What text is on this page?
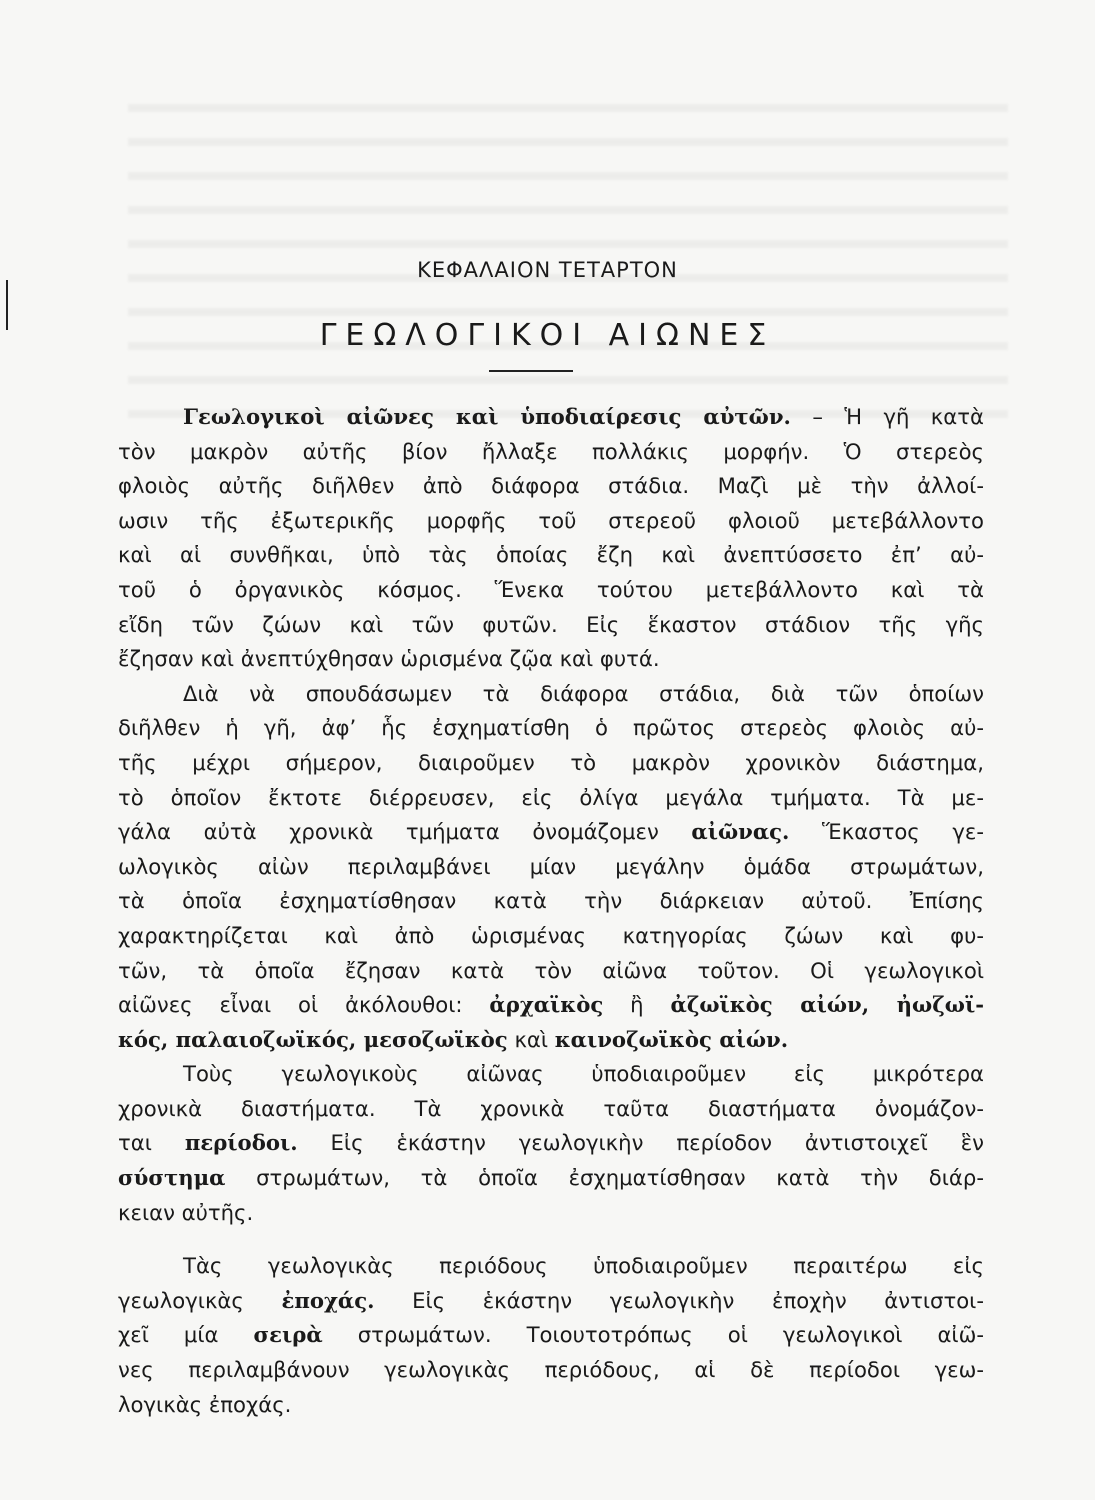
ΚΕΦΑΛΑΙΟΝ ΤΕΤΑΡΤΟΝ
ΓΕΩΛΟΓΙΚΟΙ ΑΙΩΝΕΣ
Γεωλογικοὶ αἰῶνες καὶ ὑποδιαίρεσις αὐτῶν. – Ἡ γῆ κατὰ
τὸν μακρὸν αὐτῆς βίον ἤλλαξε πολλάκις μορφήν. Ὁ στερεὸς
φλοιὸς αὐτῆς διῆλθεν ἀπὸ διάφορα στάδια. Μαζὶ μὲ τὴν ἀλλοί-
ωσιν τῆς ἐξωτερικῆς μορφῆς τοῦ στερεοῦ φλοιοῦ μετεβάλλοντο
καὶ αἱ συνθῆκαι, ὑπὸ τὰς ὁποίας ἔζη καὶ ἀνεπτύσσετο ἐπ’ αὐ-
τοῦ ὁ ὀργανικὸς κόσμος. Ἕνεκα τούτου μετεβάλλοντο καὶ τὰ
εἴδη τῶν ζώων καὶ τῶν φυτῶν. Εἰς ἕκαστον στάδιον τῆς γῆς
ἔζησαν καὶ ἀνεπτύχθησαν ὡρισμένα ζῷα καὶ φυτά.
Διὰ νὰ σπουδάσωμεν τὰ διάφορα στάδια, διὰ τῶν ὁποίων
διῆλθεν ἡ γῆ, ἀφ’ ἧς ἐσχηματίσθη ὁ πρῶτος στερεὸς φλοιὸς αὐ-
τῆς μέχρι σήμερον, διαιροῦμεν τὸ μακρὸν χρονικὸν διάστημα,
τὸ ὁποῖον ἔκτοτε διέρρευσεν, εἰς ὀλίγα μεγάλα τμήματα. Τὰ με-
γάλα αὐτὰ χρονικὰ τμήματα ὀνομάζομεν αἰῶνας. Ἕκαστος γε-
ωλογικὸς αἰὼν περιλαμβάνει μίαν μεγάλην ὁμάδα στρωμάτων,
τὰ ὁποῖα ἐσχηματίσθησαν κατὰ τὴν διάρκειαν αὐτοῦ. Ἐπίσης
χαρακτηρίζεται καὶ ἀπὸ ὡρισμένας κατηγορίας ζώων καὶ φυ-
τῶν, τὰ ὁποῖα ἔζησαν κατὰ τὸν αἰῶνα τοῦτον. Οἱ γεωλογικοὶ
αἰῶνες εἶναι οἱ ἀκόλουθοι: ἀρχαϊκὸς ἢ ἀζωϊκὸς αἰών, ἠωζωϊ-
κός, παλαιοζωϊκός, μεσοζωϊκὸς καὶ καινοζωϊκὸς αἰών.
Τοὺς γεωλογικοὺς αἰῶνας ὑποδιαιροῦμεν εἰς μικρότερα
χρονικὰ διαστήματα. Τὰ χρονικὰ ταῦτα διαστήματα ὀνομάζον-
ται περίοδοι. Εἰς ἑκάστην γεωλογικὴν περίοδον ἀντιστοιχεῖ ἓν
σύστημα στρωμάτων, τὰ ὁποῖα ἐσχηματίσθησαν κατὰ τὴν διάρ-
κειαν αὐτῆς.
Τὰς γεωλογικὰς περιόδους ὑποδιαιροῦμεν περαιτέρω εἰς
γεωλογικὰς ἐποχάς. Εἰς ἑκάστην γεωλογικὴν ἐποχὴν ἀντιστοι-
χεῖ μία σειρὰ στρωμάτων. Τοιουτοτρόπως οἱ γεωλογικοὶ αἰῶ-
νες περιλαμβάνουν γεωλογικὰς περιόδους, αἱ δὲ περίοδοι γεω-
λογικὰς ἐποχάς.
